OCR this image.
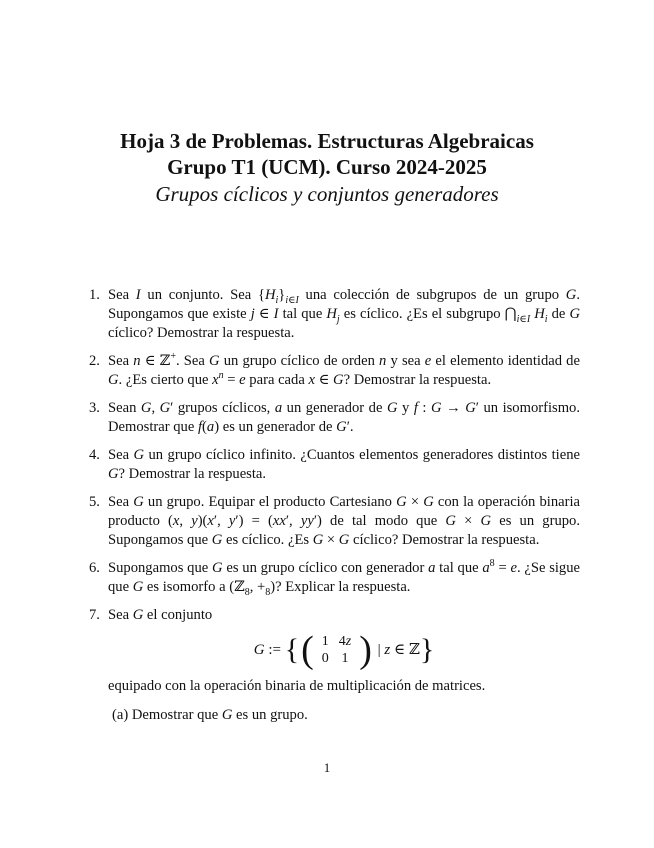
Hoja 3 de Problemas. Estructuras Algebraicas

Grupo T1 (UCM). Curso 2024-2025

Grupos cíclicos y conjuntos generadores

1. Sea I un conjunto. Sea $\{H_i\}_{i\in I}$ una colección de subgrupos de un grupo G. Supongamos que existe j ∈ I tal que $H_j$ es cíclico. ¿Es el subgrupo $⋂_{i\in I}$ $H_i$ de G cíclico? Demostrar la respuesta.
2. Sea n ∈ ℤ+. Sea G un grupo cíclico de orden n y sea e el elemento identidad de G. ¿Es cierto que $x^n = e$ para cada x ∈ G? Demostrar la respuesta.
3. Sean G, G′ grupos cíclicos, a un generador de G y f : G → G′ un isomorfismo. Demostrar que f(a) es un generador de G′.
4. Sea G un grupo cíclico infinito. ¿Cuantos elementos generadores distintos tiene G? Demostrar la respuesta.
5. Sea G un grupo. Equipar el producto Cartesiano G × G con la operación binaria producto (x, y)(x′, y′) = (xx′, yy′) de tal modo que G × G es un grupo. Supongamos que G es cíclico. ¿Es G × G cíclico? Demostrar la respuesta.
6. Supongamos que G es un grupo cíclico con generador a tal que $a^8 = e$. ¿Se sigue que G es isomorfo a (ℤ$_8$, $+_8$)? Explicar la respuesta.
7. Sea G el conjunto
G := { ( 1	4z
0	1 ) | z ∈ ℤ }
equipado con la operación binaria de multiplicación de matrices.
(a) Demostrar que G es un grupo.
1
